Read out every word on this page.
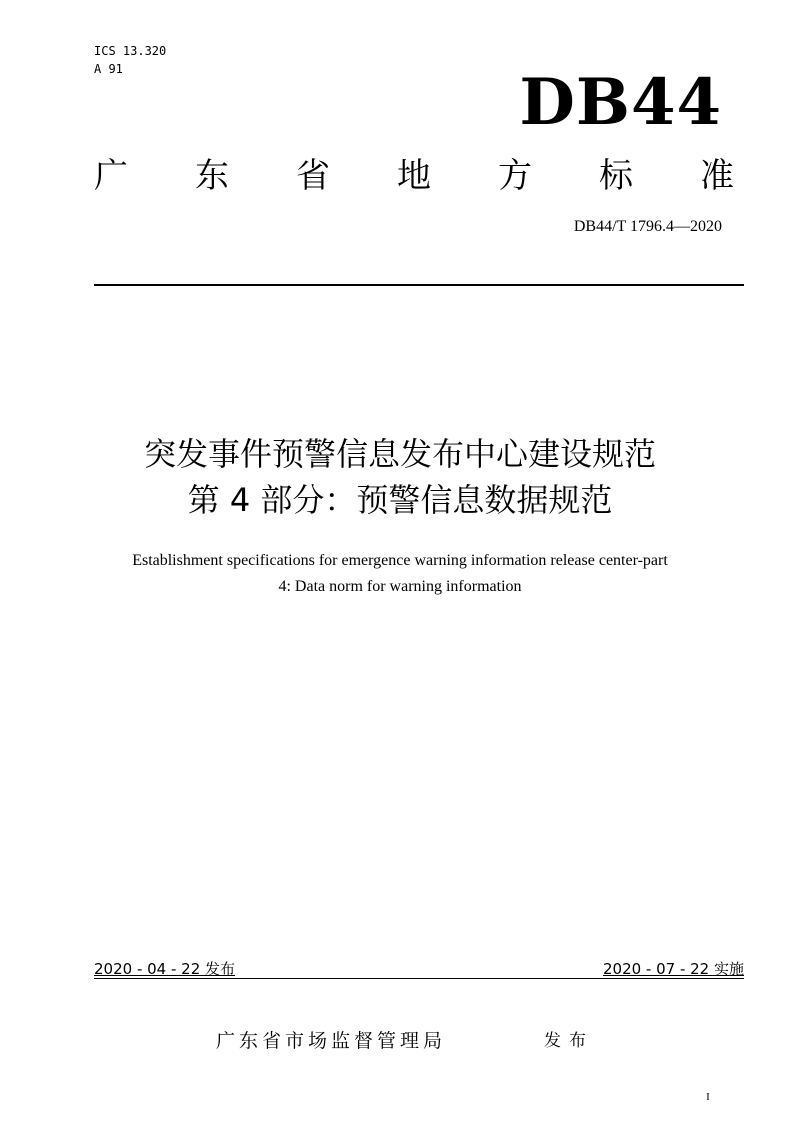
ICS 13.320
A 91	DB44
广 东 省 地 方 标 准
DB44/T 1796.4—2020
突发事件预警信息发布中心建设规范
第 4 部分：预警信息数据规范
Establishment specifications for emergence warning information release center-part
4: Data norm for warning information
2020 - 04 - 22 发布	2020 - 07 - 22 实施
广东省市场监督管理局	发布
I
